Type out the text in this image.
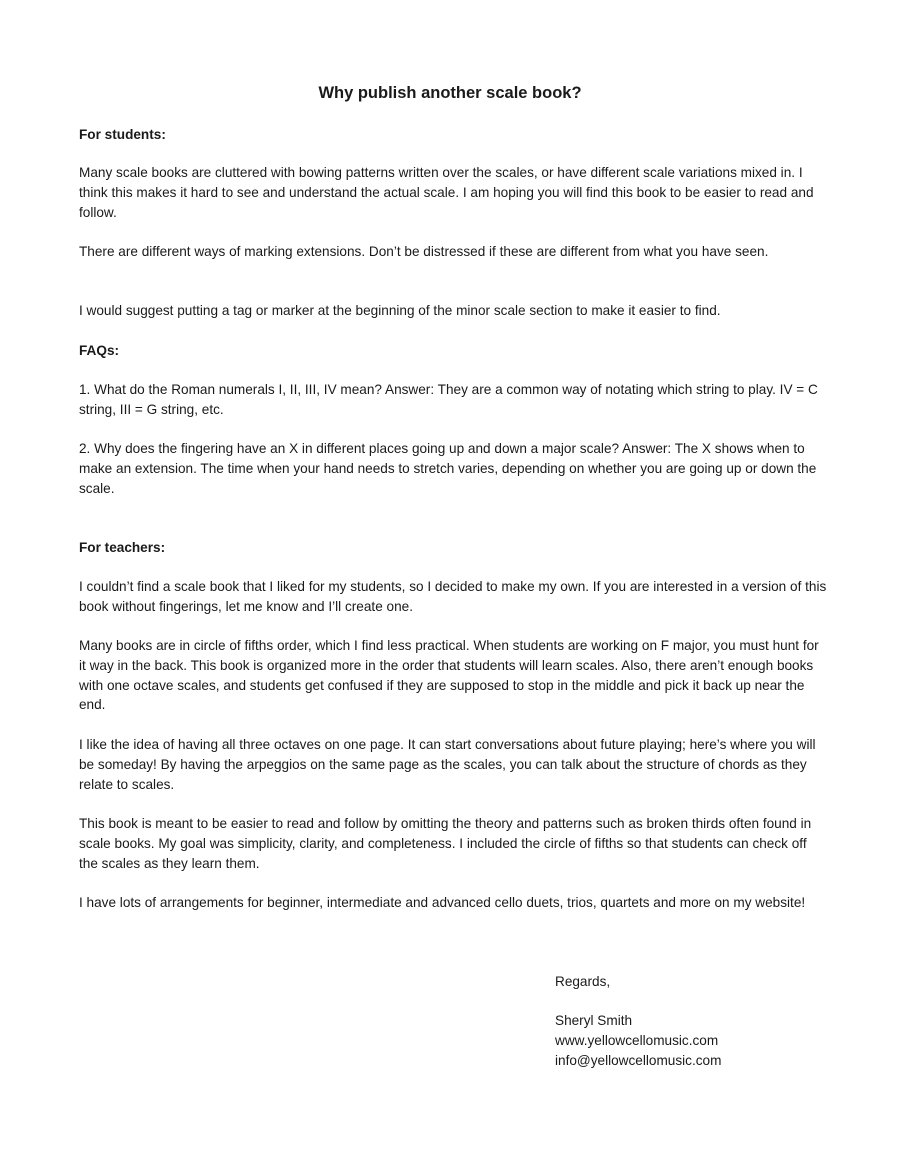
Why publish another scale book?
For students:
Many scale books are cluttered with bowing patterns written over the scales, or have different scale variations mixed in. I think this makes it hard to see and understand the actual scale. I am hoping you will find this book to be easier to read and follow.
There are different ways of marking extensions. Don’t be distressed if these are different from what you have seen.
I would suggest putting a tag or marker at the beginning of the minor scale section to make it easier to find.
FAQs:
1. What do the Roman numerals I, II, III, IV mean? Answer: They are a common way of notating which string to play. IV = C string, III = G string, etc.
2. Why does the fingering have an X in different places going up and down a major scale? Answer: The X shows when to make an extension. The time when your hand needs to stretch varies, depending on whether you are going up or down the scale.
For teachers:
I couldn’t find a scale book that I liked for my students, so I decided to make my own. If you are interested in a version of this book without fingerings, let me know and I’ll create one.
Many books are in circle of fifths order, which I find less practical. When students are working on F major, you must hunt for it way in the back. This book is organized more in the order that students will learn scales. Also, there aren’t enough books with one octave scales, and students get confused if they are supposed to stop in the middle and pick it back up near the end.
I like the idea of having all three octaves on one page. It can start conversations about future playing; here’s where you will be someday! By having the arpeggios on the same page as the scales, you can talk about the structure of chords as they relate to scales.
This book is meant to be easier to read and follow by omitting the theory and patterns such as broken thirds often found in scale books. My goal was simplicity, clarity, and completeness. I included the circle of fifths so that students can check off the scales as they learn them.
I have lots of arrangements for beginner, intermediate and advanced cello duets, trios, quartets and more on my website!
Regards,
Sheryl Smith
www.yellowcellomusic.com
info@yellowcellomusic.com
